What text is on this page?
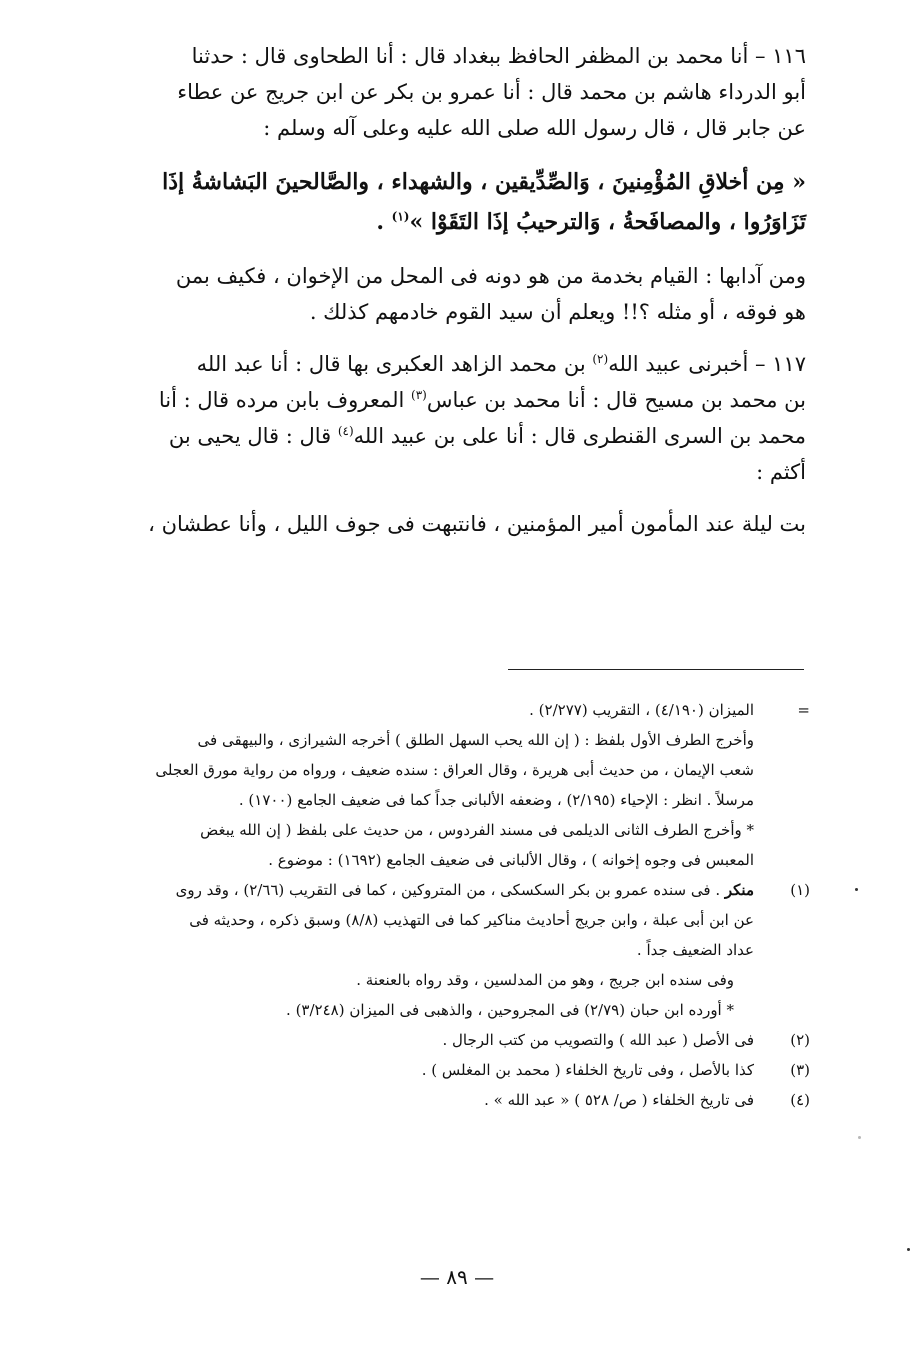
١١٦ – أنا محمد بن المظفر الحافظ ببغداد قال : أنا الطحاوى قال : حدثنا
أبو الدرداء هاشم بن محمد قال : أنا عمرو بن بكر عن ابن جريج عن عطاء
عن جابر قال ، قال رسول الله صلى الله عليه وعلى آله وسلم :

« مِن أخلاقِ المُؤْمِنينَ ، وَالصِّدِّيقين ، والشهداء ، والصَّالحينَ البَشاشةُ إذَا
تَزَاوَرُوا ، والمصافَحةُ ، وَالترحيبُ إذَا التَقَوْا »$^{(١)}$ .

ومن آدابها : القيام بخدمة من هو دونه فى المحل من الإخوان ، فكيف بمن
هو فوقه ، أو مثله ؟!! ويعلم أن سيد القوم خادمهم كذلك .

١١٧ – أخبرنى عبيد الله$^{(٢)}$ بن محمد الزاهد العكبرى بها قال : أنا عبد الله
بن محمد بن مسيح قال : أنا محمد بن عباس$^{(٣)}$ المعروف بابن مرده قال : أنا
محمد بن السرى القنطرى قال : أنا على بن عبيد الله$^{(٤)}$ قال : قال يحيى بن
أكثم :

بت ليلة عند المأمون أمير المؤمنين ، فانتبهت فى جوف الليل ، وأنا عطشان ،

=
الميزان (٤/١٩٠) ، التقريب (٢/٢٧٧) .
وأخرج الطرف الأول بلفظ : ( إن الله يحب السهل الطلق ) أخرجه الشيرازى ، والبيهقى فى
شعب الإيمان ، من حديث أبى هريرة ، وقال العراق : سنده ضعيف ، ورواه من رواية مورق العجلى
مرسلاً . انظر : الإحياء (٢/١٩٥) ، وضعفه الألبانى جداً كما فى ضعيف الجامع (١٧٠٠) .
* وأخرج الطرف الثانى الديلمى فى مسند الفردوس ، من حديث على بلفظ ( إن الله يبغض
المعبس فى وجوه إخوانه ) ، وقال الألبانى فى ضعيف الجامع (١٦٩٢) : موضوع .
(١)
منكر . فى سنده عمرو بن بكر السكسكى ، من المتروكين ، كما فى التقريب (٢/٦٦) ، وقد روى
عن ابن أبى عبلة ، وابن جريج أحاديث مناكير كما فى التهذيب (٨/٨) وسبق ذكره ، وحديثه فى
عداد الضعيف جداً .
وفى سنده ابن جريج ، وهو من المدلسين ، وقد رواه بالعنعنة .
* أورده ابن حبان (٢/٧٩) فى المجروحين ، والذهبى فى الميزان (٣/٢٤٨) .
(٢)
فى الأصل ( عبد الله ) والتصويب من كتب الرجال .
(٣)
كذا بالأصل ، وفى تاريخ الخلفاء ( محمد بن المغلس ) .
(٤)
فى تاريخ الخلفاء ( ص/ ٥٢٨ ) « عبد الله » .
— ٨٩ —
